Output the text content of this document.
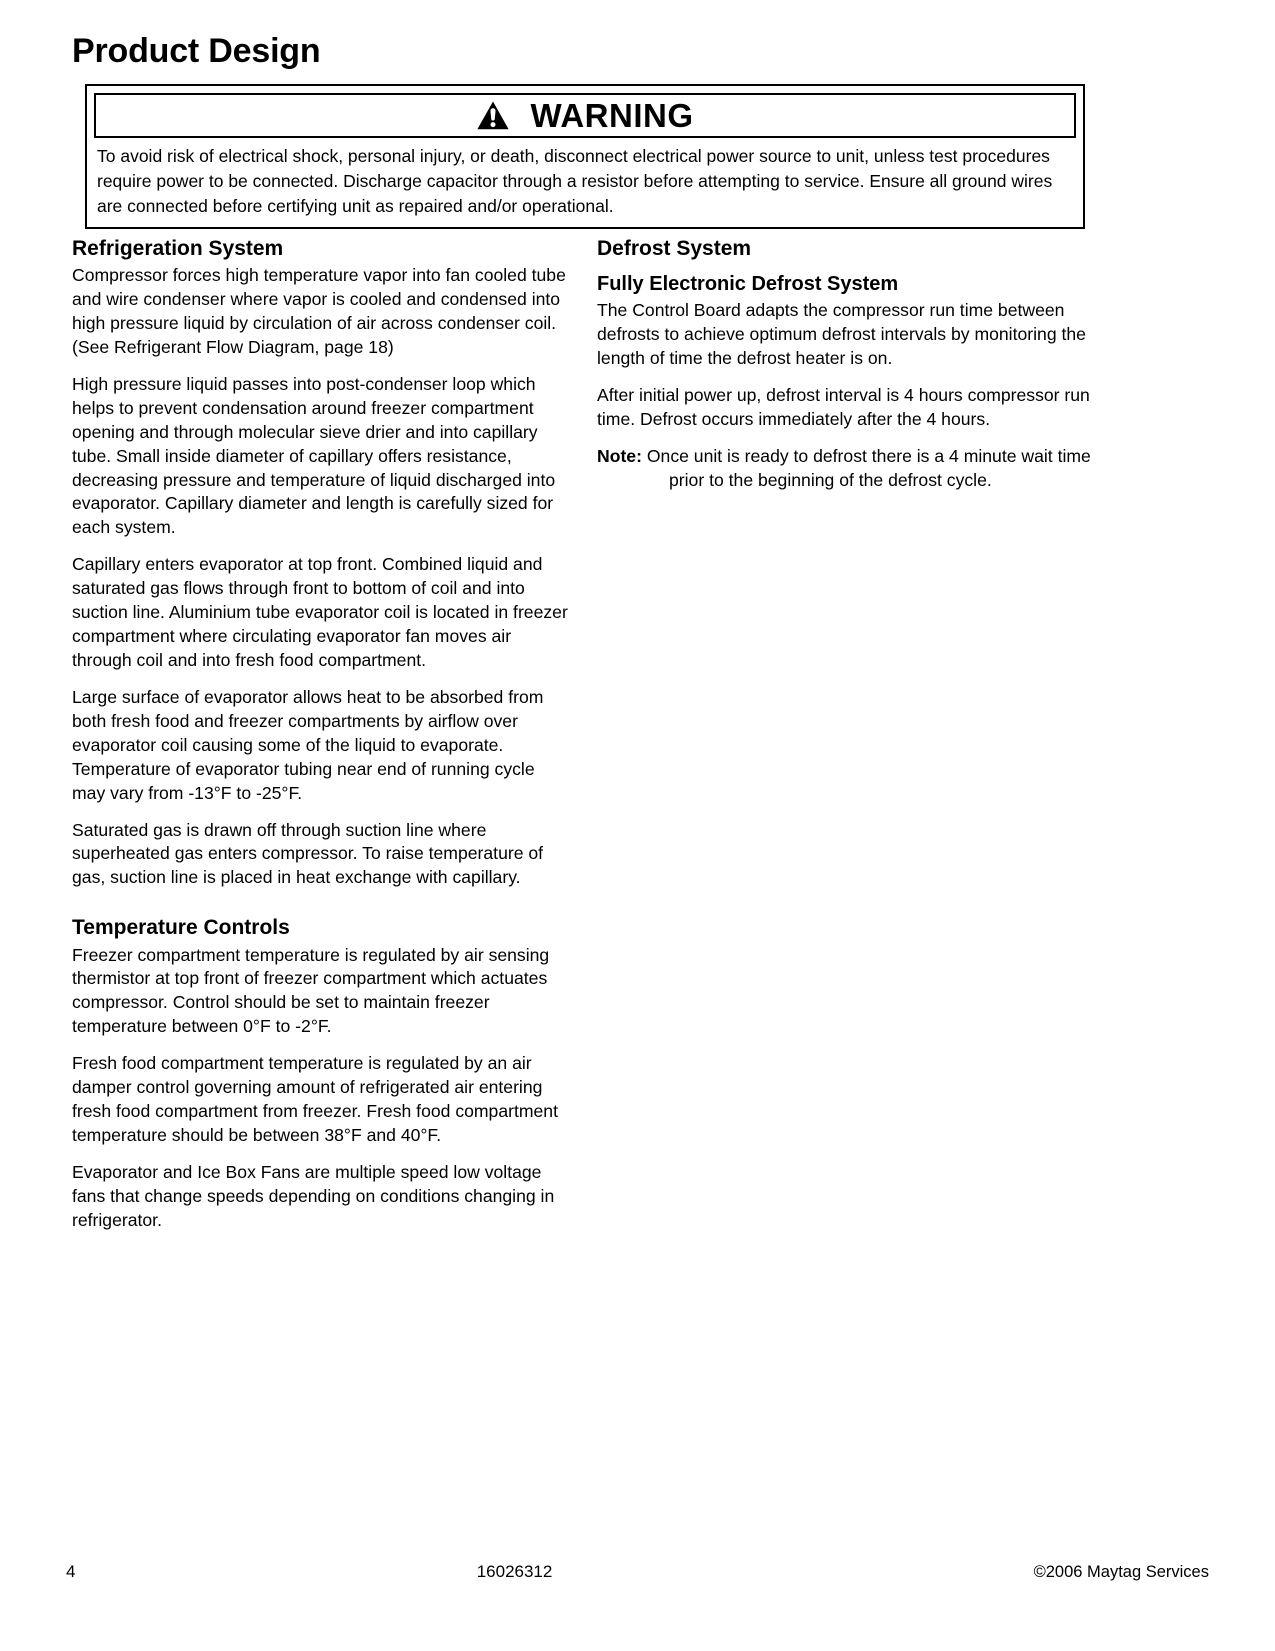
Product Design
WARNING
To avoid risk of electrical shock, personal injury, or death, disconnect electrical power source to unit, unless test procedures require power to be connected. Discharge capacitor through a resistor before attempting to service. Ensure all ground wires are connected before certifying unit as repaired and/or operational.
Refrigeration System

Compressor forces high temperature vapor into fan cooled tube and wire condenser where vapor is cooled and condensed into high pressure liquid by circulation of air across condenser coil. (See Refrigerant Flow Diagram, page 18)

High pressure liquid passes into post-condenser loop which helps to prevent condensation around freezer compartment opening and through molecular sieve drier and into capillary tube. Small inside diameter of capillary offers resistance, decreasing pressure and temperature of liquid discharged into evaporator. Capillary diameter and length is carefully sized for each system.

Capillary enters evaporator at top front. Combined liquid and saturated gas flows through front to bottom of coil and into suction line. Aluminium tube evaporator coil is located in freezer compartment where circulating evaporator fan moves air through coil and into fresh food compartment.

Large surface of evaporator allows heat to be absorbed from both fresh food and freezer compartments by airflow over evaporator coil causing some of the liquid to evaporate. Temperature of evaporator tubing near end of running cycle may vary from -13°F to -25°F.

Saturated gas is drawn off through suction line where superheated gas enters compressor. To raise temperature of gas, suction line is placed in heat exchange with capillary.

Temperature Controls

Freezer compartment temperature is regulated by air sensing thermistor at top front of freezer compartment which actuates compressor. Control should be set to maintain freezer temperature between 0°F to -2°F.

Fresh food compartment temperature is regulated by an air damper control governing amount of refrigerated air entering fresh food compartment from freezer. Fresh food compartment temperature should be between 38°F and 40°F.

Evaporator and Ice Box Fans are multiple speed low voltage fans that change speeds depending on conditions changing in refrigerator.

Defrost System
Fully Electronic Defrost System

The Control Board adapts the compressor run time between defrosts to achieve optimum defrost intervals by monitoring the length of time the defrost heater is on.

After initial power up, defrost interval is 4 hours compressor run time. Defrost occurs immediately after the 4 hours.

Note: Once unit is ready to defrost there is a 4 minute wait time prior to the beginning of the defrost cycle.

4	16026312	©2006 Maytag Services
